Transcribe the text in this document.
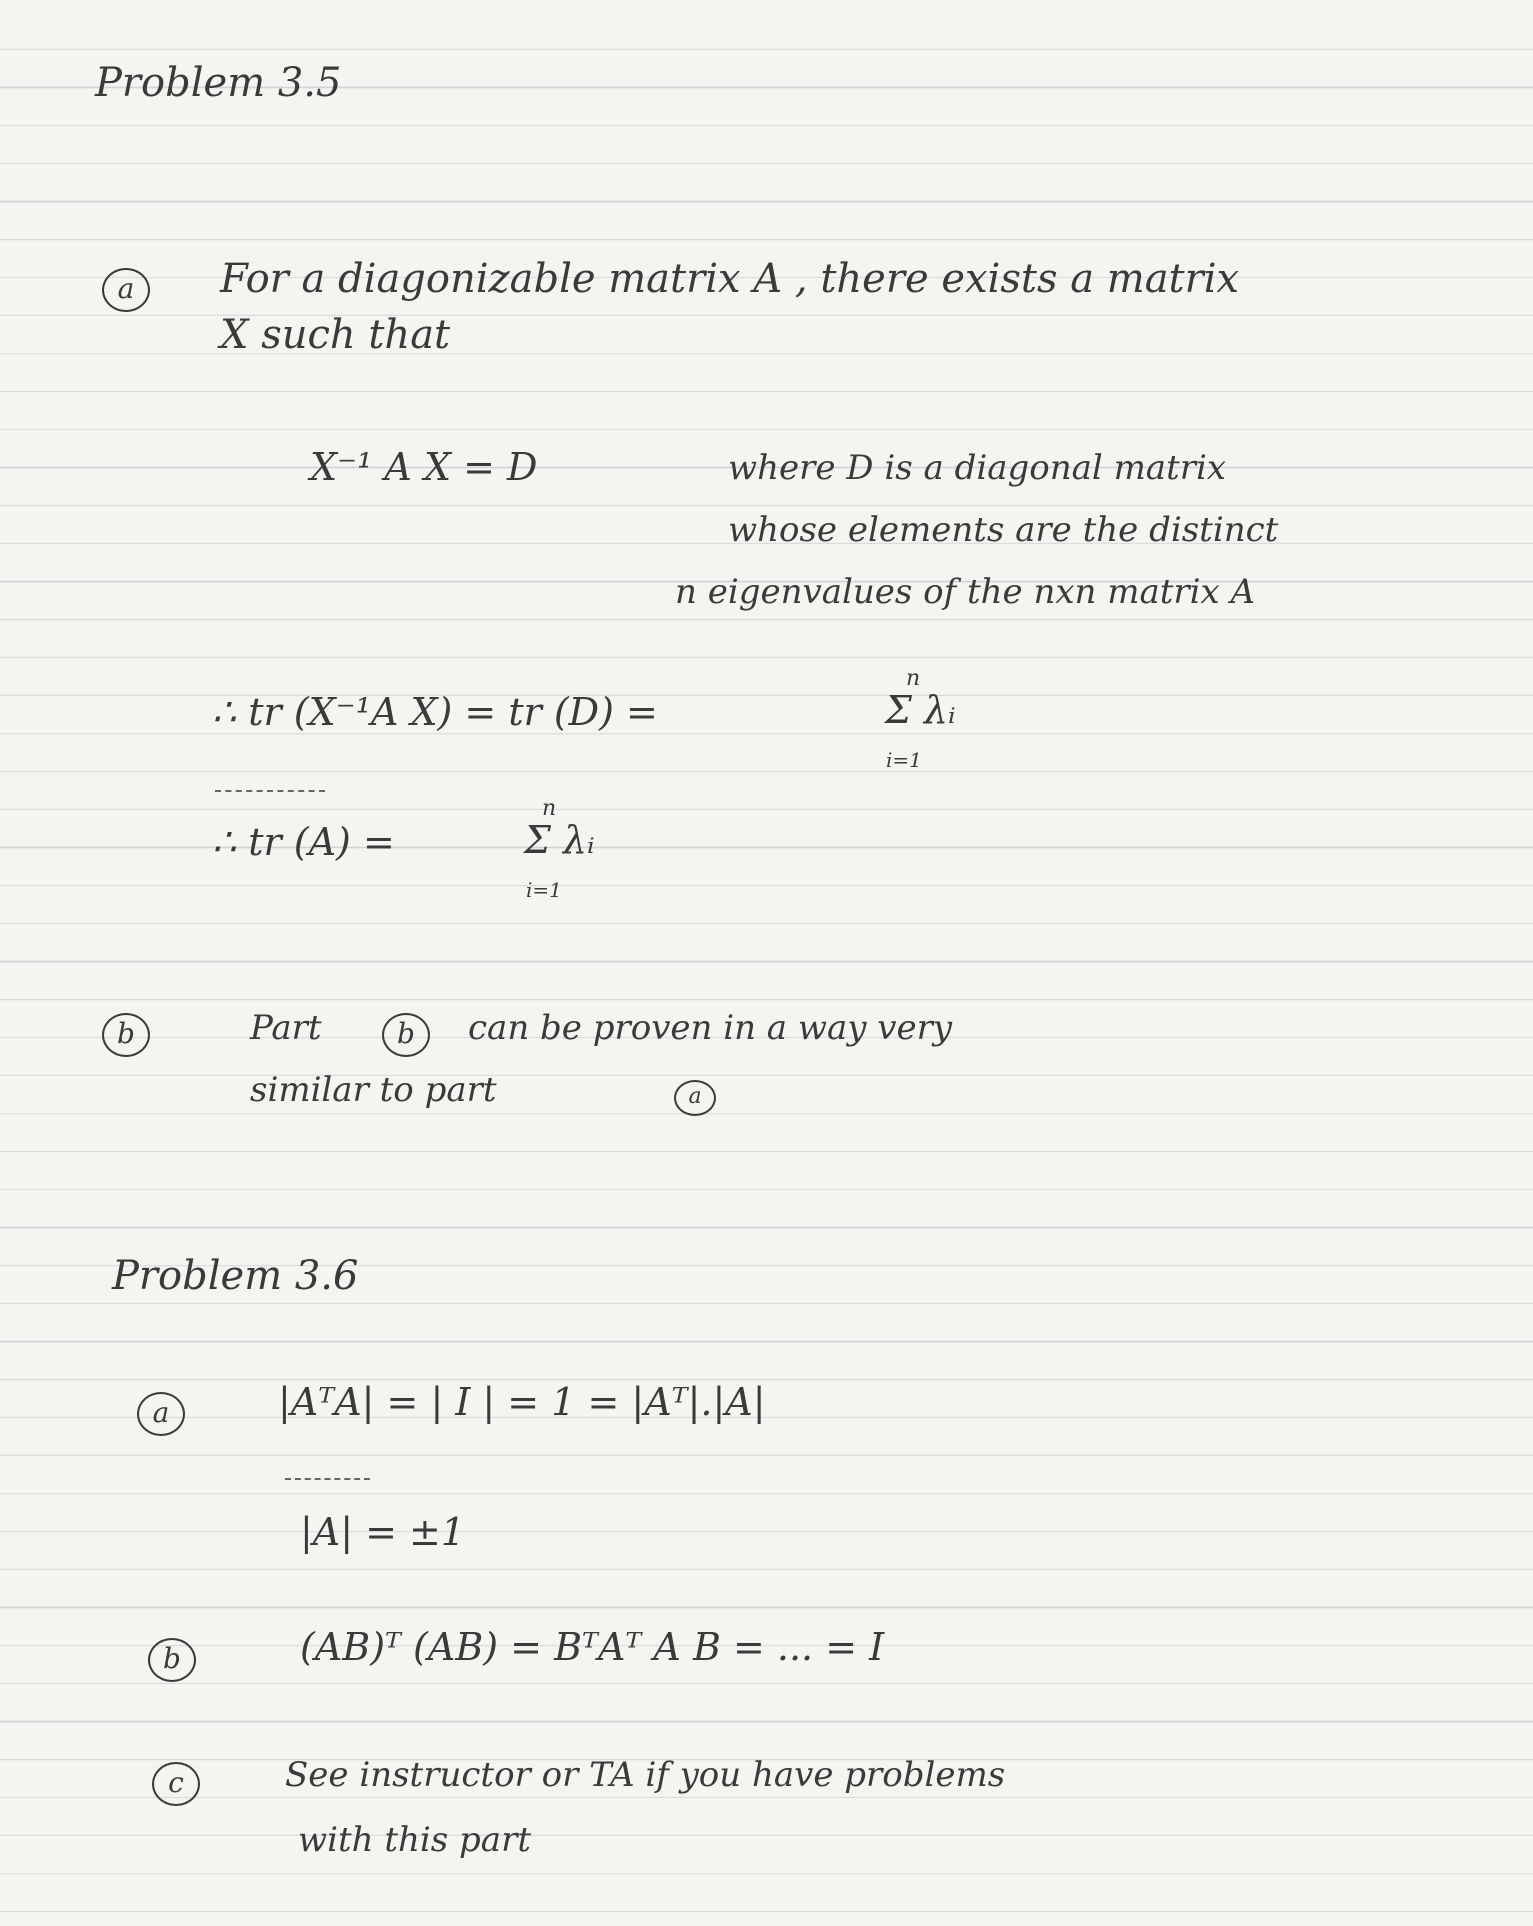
Problem 3.5
a	For a diagonizable matrix A , there exists a matrix
X such that
X⁻¹ A X = D	where D is a diagonal matrix
whose elements are the distinct
n eigenvalues of the nxn matrix A
∴ tr (X⁻¹A X) = tr (D) =
n
Σ λᵢ
i=1
∴ tr (A) =
n
Σ λᵢ
i=1
b	Part	b	can be proven in a way very
similar to part	a
Problem 3.6
a	|AᵀA| = | I | = 1 = |Aᵀ|.|A|
|A| = ±1
b	(AB)ᵀ (AB) = BᵀAᵀ A B = ... = I
c	See instructor or TA if you have problems
with this part
